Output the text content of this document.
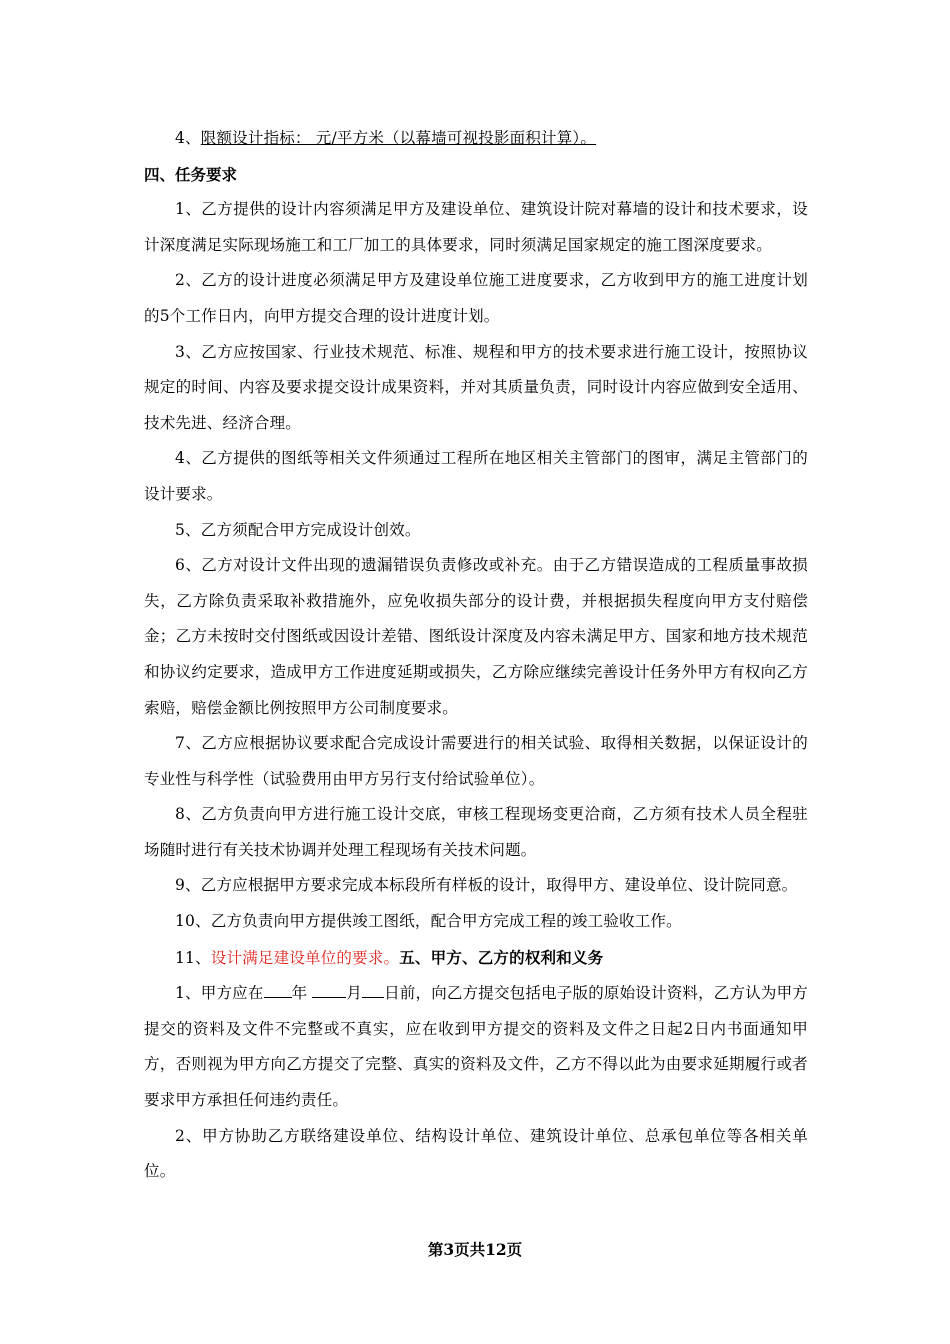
4、限额设计指标： 元/平方米（以幕墙可视投影面积计算）。

四、任务要求

1、乙方提供的设计内容须满足甲方及建设单位、建筑设计院对幕墙的设计和技术要求，设计深度满足实际现场施工和工厂加工的具体要求，同时须满足国家规定的施工图深度要求。

2、乙方的设计进度必须满足甲方及建设单位施工进度要求，乙方收到甲方的施工进度计划的5个工作日内，向甲方提交合理的设计进度计划。

3、乙方应按国家、行业技术规范、标准、规程和甲方的技术要求进行施工设计，按照协议规定的时间、内容及要求提交设计成果资料，并对其质量负责，同时设计内容应做到安全适用、技术先进、经济合理。

4、乙方提供的图纸等相关文件须通过工程所在地区相关主管部门的图审，满足主管部门的设计要求。

5、乙方须配合甲方完成设计创效。

6、乙方对设计文件出现的遗漏错误负责修改或补充。由于乙方错误造成的工程质量事故损失，乙方除负责采取补救措施外，应免收损失部分的设计费，并根据损失程度向甲方支付赔偿金；乙方未按时交付图纸或因设计差错、图纸设计深度及内容未满足甲方、国家和地方技术规范和协议约定要求，造成甲方工作进度延期或损失，乙方除应继续完善设计任务外甲方有权向乙方索赔，赔偿金额比例按照甲方公司制度要求。

7、乙方应根据协议要求配合完成设计需要进行的相关试验、取得相关数据，以保证设计的专业性与科学性（试验费用由甲方另行支付给试验单位）。

8、乙方负责向甲方进行施工设计交底，审核工程现场变更洽商，乙方须有技术人员全程驻场随时进行有关技术协调并处理工程现场有关技术问题。

9、乙方应根据甲方要求完成本标段所有样板的设计，取得甲方、建设单位、设计院同意。

10、乙方负责向甲方提供竣工图纸，配合甲方完成工程的竣工验收工作。

11、设计满足建设单位的要求。五、甲方、乙方的权利和义务

1、甲方应在 年 月 日前，向乙方提交包括电子版的原始设计资料，乙方认为甲方提交的资料及文件不完整或不真实，应在收到甲方提交的资料及文件之日起2日内书面通知甲方，否则视为甲方向乙方提交了完整、真实的资料及文件，乙方不得以此为由要求延期履行或者要求甲方承担任何违约责任。

2、甲方协助乙方联络建设单位、结构设计单位、建筑设计单位、总承包单位等各相关单位。

第3页共12页
